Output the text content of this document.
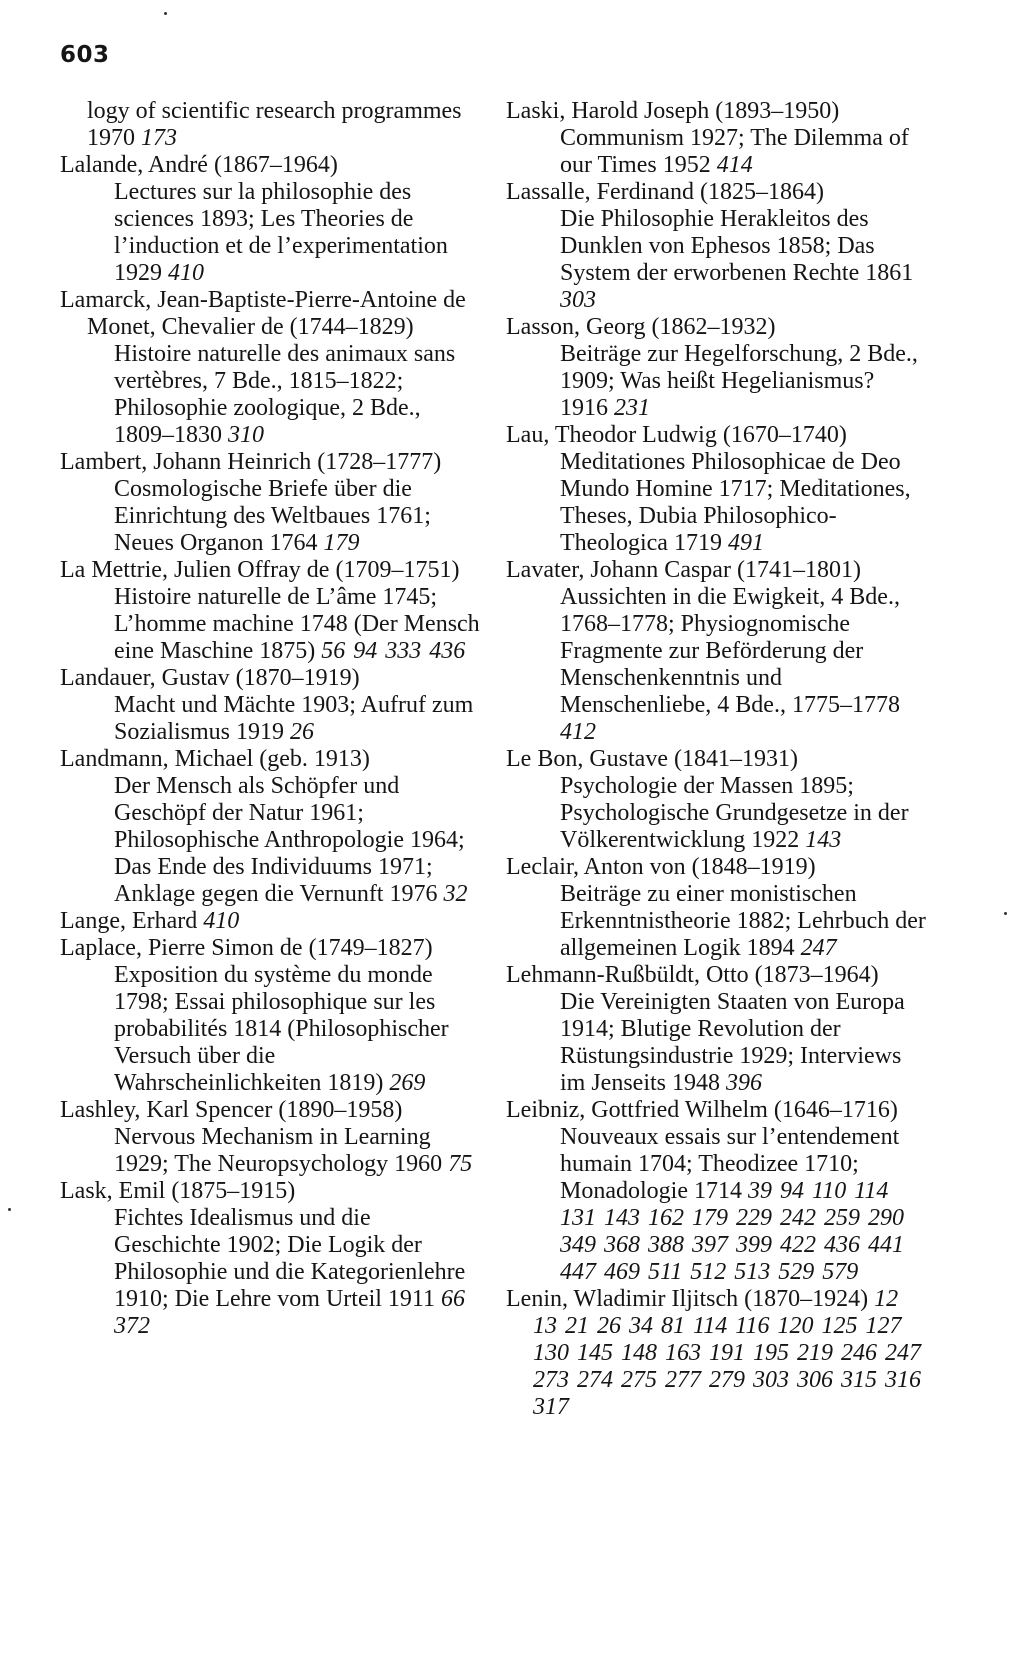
603
logy of scientific research programmes 1970 173
Lalande, André (1867–1964)
Lectures sur la philosophie des sciences 1893; Les Theories de l’induction et de l’experimentation 1929 410
Lamarck, Jean-Baptiste-Pierre-Antoine de Monet, Chevalier de (1744–1829)
Histoire naturelle des animaux sans vertèbres, 7 Bde., 1815–1822; Philosophie zoologique, 2 Bde., 1809–1830 310
Lambert, Johann Heinrich (1728–1777)
Cosmologische Briefe über die Einrichtung des Weltbaues 1761; Neues Organon 1764 179
La Mettrie, Julien Offray de (1709–1751)
Histoire naturelle de L’âme 1745; L’homme machine 1748 (Der Mensch eine Maschine 1875) 56 94 333 436
Landauer, Gustav (1870–1919)
Macht und Mächte 1903; Aufruf zum Sozialismus 1919 26
Landmann, Michael (geb. 1913)
Der Mensch als Schöpfer und Geschöpf der Natur 1961; Philosophische Anthropologie 1964; Das Ende des Individuums 1971; Anklage gegen die Vernunft 1976 32
Lange, Erhard 410
Laplace, Pierre Simon de (1749–1827)
Exposition du système du monde 1798; Essai philosophique sur les probabilités 1814 (Philosophischer Versuch über die Wahrscheinlichkeiten 1819) 269
Lashley, Karl Spencer (1890–1958)
Nervous Mechanism in Learning 1929; The Neuropsychology 1960 75
Lask, Emil (1875–1915)
Fichtes Idealismus und die Geschichte 1902; Die Logik der Philosophie und die Kategorienlehre 1910; Die Lehre vom Urteil 1911 66 372
Laski, Harold Joseph (1893–1950)
Communism 1927; The Dilemma of our Times 1952 414
Lassalle, Ferdinand (1825–1864)
Die Philosophie Herakleitos des Dunklen von Ephesos 1858; Das System der erworbenen Rechte 1861 303
Lasson, Georg (1862–1932)
Beiträge zur Hegelforschung, 2 Bde., 1909; Was heißt Hegelianismus? 1916 231
Lau, Theodor Ludwig (1670–1740)
Meditationes Philosophicae de Deo Mundo Homine 1717; Meditationes, Theses, Dubia Philosophico-Theologica 1719 491
Lavater, Johann Caspar (1741–1801)
Aussichten in die Ewigkeit, 4 Bde., 1768–1778; Physiognomische Fragmente zur Beförderung der Menschenkenntnis und Menschenliebe, 4 Bde., 1775–1778 412
Le Bon, Gustave (1841–1931)
Psychologie der Massen 1895; Psychologische Grundgesetze in der Völkerentwicklung 1922 143
Leclair, Anton von (1848–1919)
Beiträge zu einer monistischen Erkenntnistheorie 1882; Lehrbuch der allgemeinen Logik 1894 247
Lehmann-Rußbüldt, Otto (1873–1964)
Die Vereinigten Staaten von Europa 1914; Blutige Revolution der Rüstungsindustrie 1929; Interviews im Jenseits 1948 396
Leibniz, Gottfried Wilhelm (1646–1716)
Nouveaux essais sur l’entendement humain 1704; Theodizee 1710; Monadologie 1714 39 94 110 114 131 143 162 179 229 242 259 290 349 368 388 397 399 422 436 441 447 469 511 512 513 529 579
Lenin, Wladimir Iljitsch (1870–1924) 12 13 21 26 34 81 114 116 120 125 127 130 145 148 163 191 195 219 246 247 273 274 275 277 279 303 306 315 316 317
